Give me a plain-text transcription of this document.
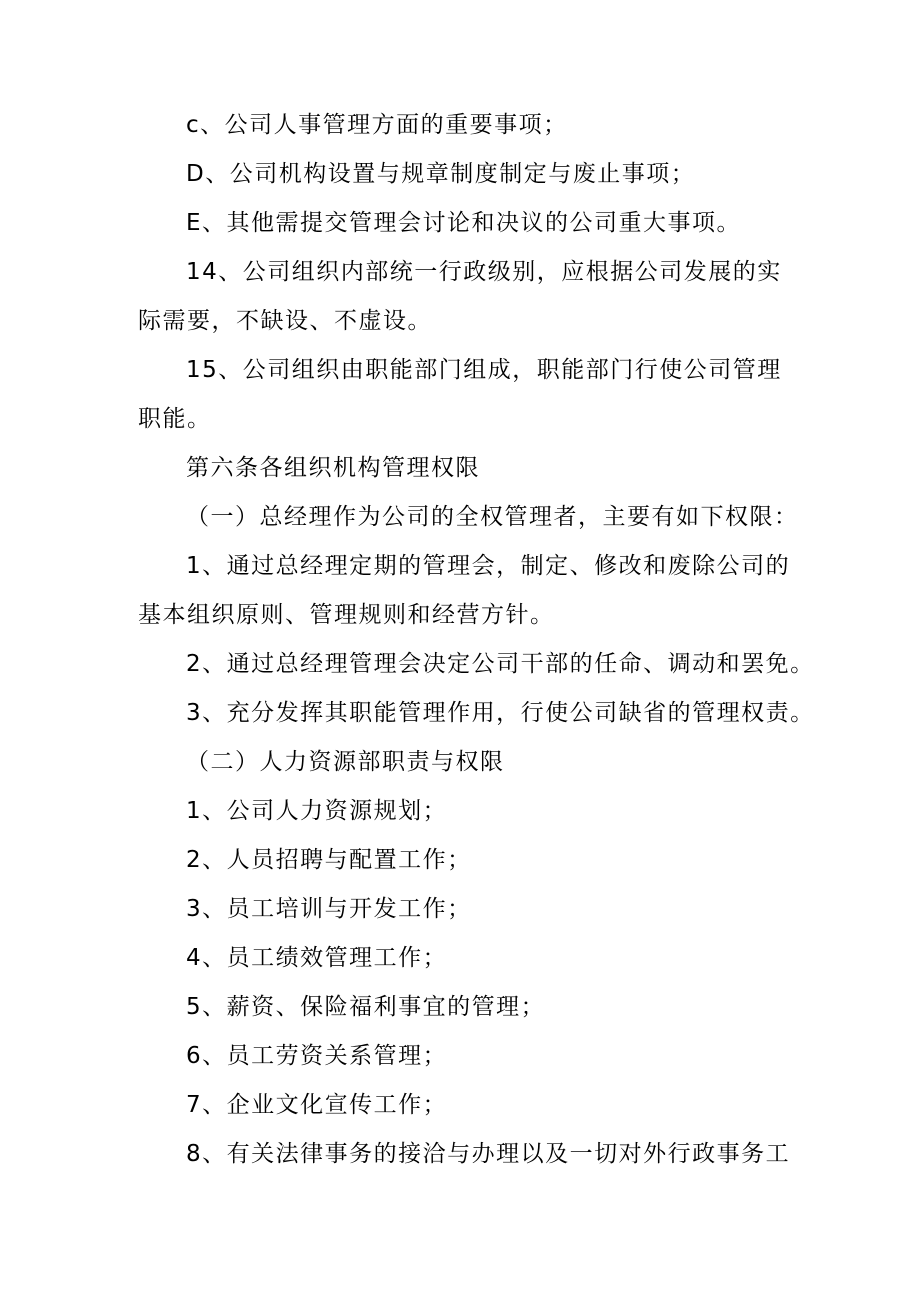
c、公司人事管理方面的重要事项；
D、公司机构设置与规章制度制定与废止事项；
E、其他需提交管理会讨论和决议的公司重大事项。
14、公司组织内部统一行政级别，应根据公司发展的实
际需要，不缺设、不虚设。
15、公司组织由职能部门组成，职能部门行使公司管理
职能。
第六条各组织机构管理权限
（一）总经理作为公司的全权管理者，主要有如下权限：
1、通过总经理定期的管理会，制定、修改和废除公司的
基本组织原则、管理规则和经营方针。
2、通过总经理管理会决定公司干部的任命、调动和罢免。
3、充分发挥其职能管理作用，行使公司缺省的管理权责。
（二）人力资源部职责与权限
1、公司人力资源规划；
2、人员招聘与配置工作；
3、员工培训与开发工作；
4、员工绩效管理工作；
5、薪资、保险福利事宜的管理；
6、员工劳资关系管理；
7、企业文化宣传工作；
8、有关法律事务的接洽与办理以及一切对外行政事务工
